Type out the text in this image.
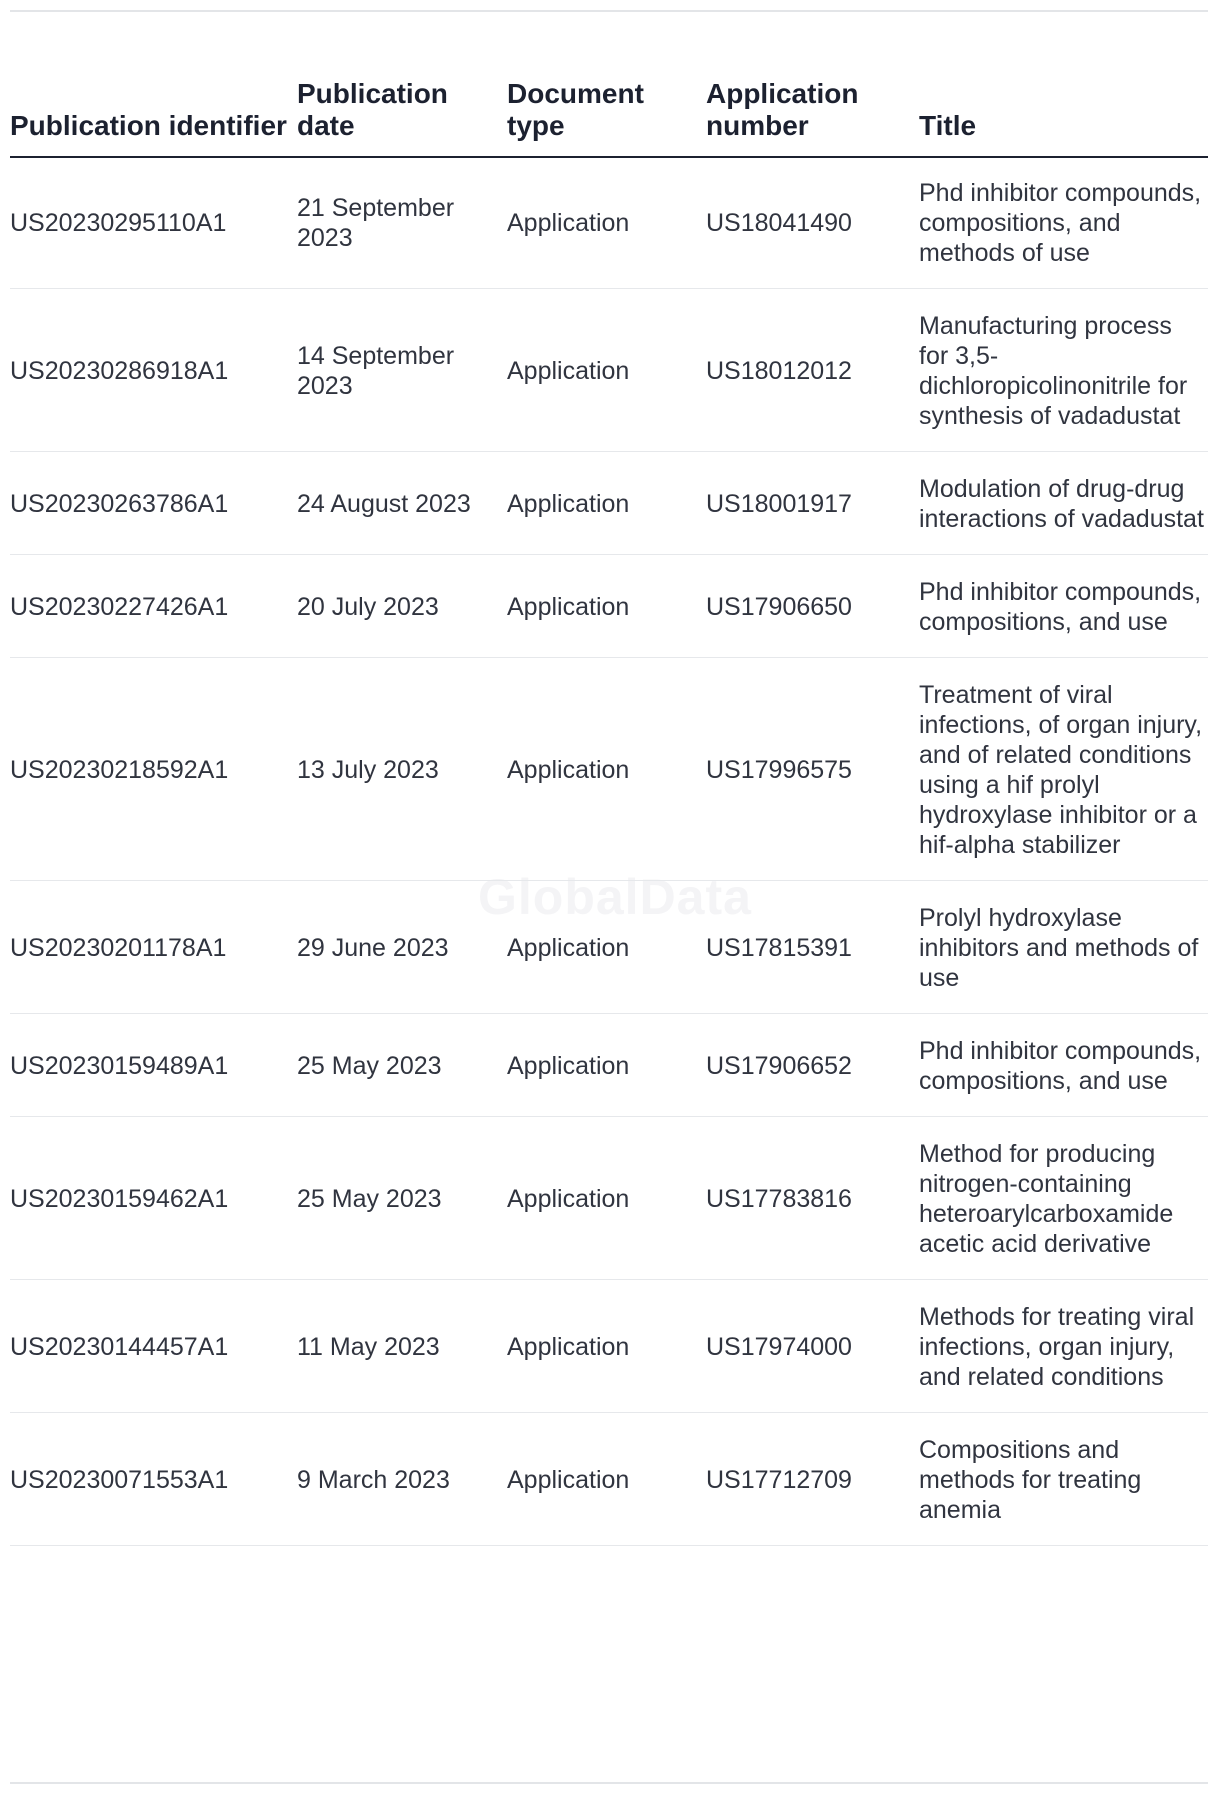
GlobalData
Publication identifier	Publication date	Document type	Application number	Title
US20230295110A1	21 September 2023	Application	US18041490	Phd inhibitor compounds, compositions, and methods of use
US20230286918A1	14 September 2023	Application	US18012012	Manufacturing process for 3,5-dichloropicolinonitrile for synthesis of vadadustat
US20230263786A1	24 August 2023	Application	US18001917	Modulation of drug-drug interactions of vadadustat
US20230227426A1	20 July 2023	Application	US17906650	Phd inhibitor compounds, compositions, and use
US20230218592A1	13 July 2023	Application	US17996575	Treatment of viral infections, of organ injury, and of related conditions using a hif prolyl hydroxylase inhibitor or a hif-alpha stabilizer
US20230201178A1	29 June 2023	Application	US17815391	Prolyl hydroxylase inhibitors and methods of use
US20230159489A1	25 May 2023	Application	US17906652	Phd inhibitor compounds, compositions, and use
US20230159462A1	25 May 2023	Application	US17783816	Method for producing nitrogen-containing heteroarylcarboxamide acetic acid derivative
US20230144457A1	11 May 2023	Application	US17974000	Methods for treating viral infections, organ injury, and related conditions
US20230071553A1	9 March 2023	Application	US17712709	Compositions and methods for treating anemia
